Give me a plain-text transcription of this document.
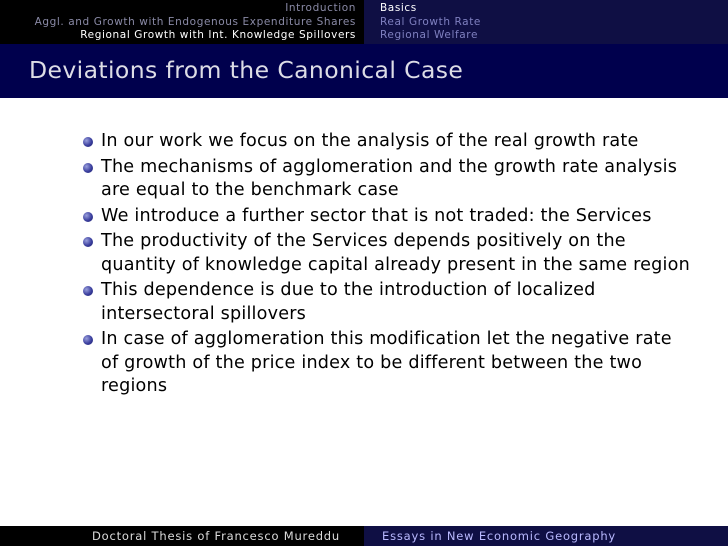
Introduction
Aggl. and Growth with Endogenous Expenditure Shares
Regional Growth with Int. Knowledge Spillovers
Basics
Real Growth Rate
Regional Welfare
Deviations from the Canonical Case
In our work we focus on the analysis of the real growth rate
The mechanisms of agglomeration and the growth rate analysis are equal to the benchmark case
We introduce a further sector that is not traded: the Services
The productivity of the Services depends positively on the quantity of knowledge capital already present in the same region
This dependence is due to the introduction of localized intersectoral spillovers
In case of agglomeration this modification let the negative rate of growth of the price index to be different between the two regions
Doctoral Thesis of Francesco Mureddu	Essays in New Economic Geography
